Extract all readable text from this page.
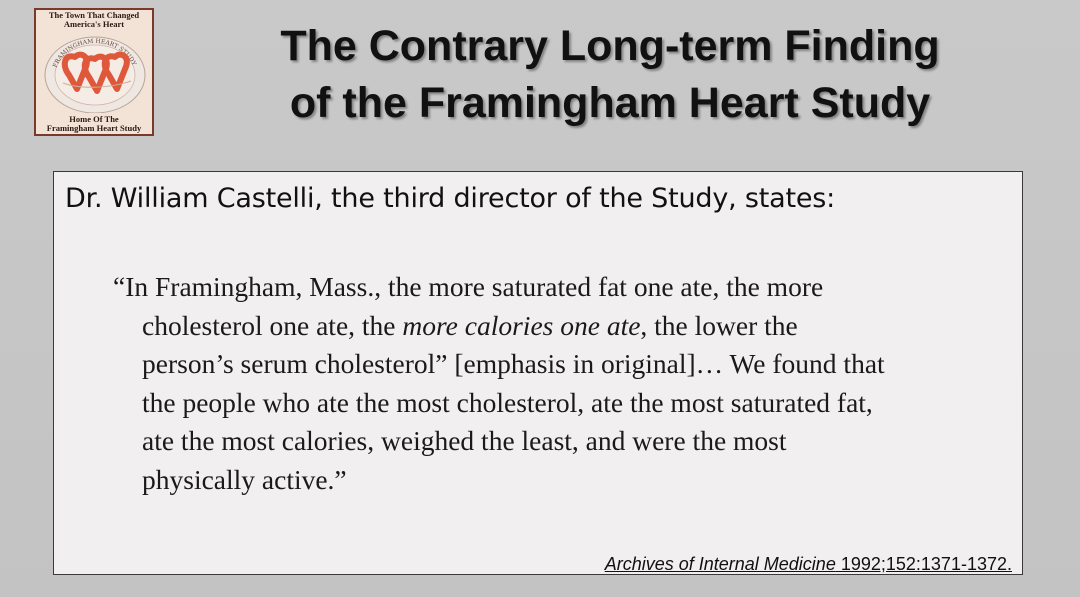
The Town That Changed
America's Heart
FRAMINGHAM HEART STUDY
Home Of The
Framingham Heart Study
The Contrary Long-term Finding
of the Framingham Heart Study
Dr. William Castelli, the third director of the Study, states:
“In Framingham, Mass., the more saturated fat one ate, the more
cholesterol one ate, the more calories one ate, the lower the
person’s serum cholesterol” [emphasis in original]… We found that
the people who ate the most cholesterol, ate the most saturated fat,
ate the most calories, weighed the least, and were the most
physically active.”
Archives of Internal Medicine 1992;152:1371-1372.
